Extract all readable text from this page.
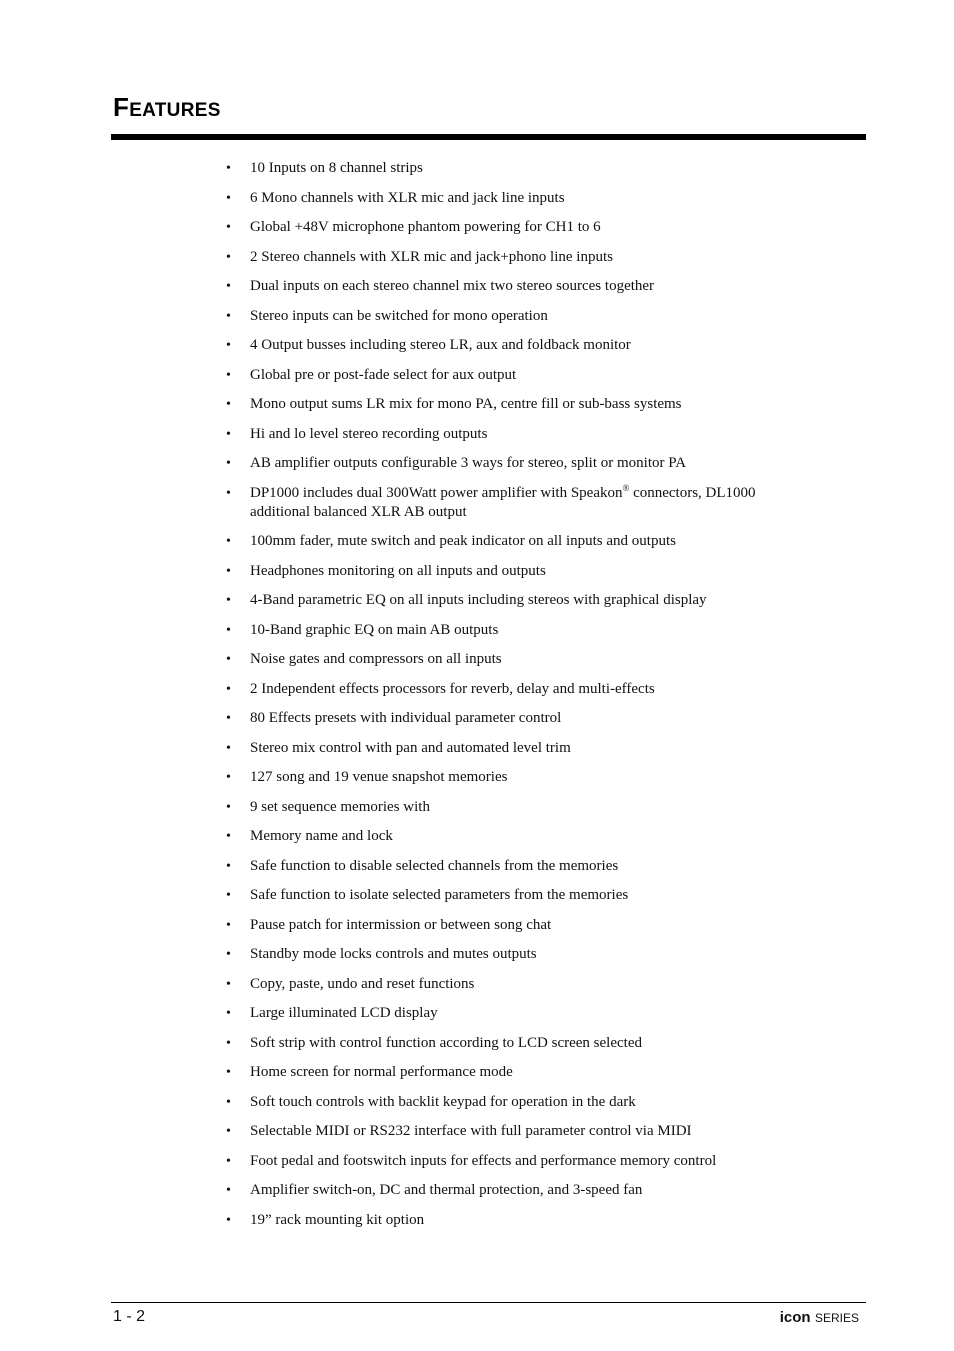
FEATURES
• 10 Inputs on 8 channel strips
• 6 Mono channels with XLR mic and jack line inputs
• Global +48V microphone phantom powering for CH1 to 6
• 2 Stereo channels with XLR mic and jack+phono line inputs
• Dual inputs on each stereo channel mix two stereo sources together
• Stereo inputs can be switched for mono operation
• 4 Output busses including stereo LR, aux and foldback monitor
• Global pre or post-fade select for aux output
• Mono output sums LR mix for mono PA, centre fill or sub-bass systems
• Hi and lo level stereo recording outputs
• AB amplifier outputs configurable 3 ways for stereo, split or monitor PA
• DP1000 includes dual 300Watt power amplifier with Speakon® connectors, DL1000 additional balanced XLR AB output
• 100mm fader, mute switch and peak indicator on all inputs and outputs
• Headphones monitoring on all inputs and outputs
• 4-Band parametric EQ on all inputs including stereos with graphical display
• 10-Band graphic EQ on main AB outputs
• Noise gates and compressors on all inputs
• 2 Independent effects processors for reverb, delay and multi-effects
• 80 Effects presets with individual parameter control
• Stereo mix control with pan and automated level trim
• 127 song and 19 venue snapshot memories
• 9 set sequence memories with
• Memory name and lock
• Safe function to disable selected channels from the memories
• Safe function to isolate selected parameters from the memories
• Pause patch for intermission or between song chat
• Standby mode locks controls and mutes outputs
• Copy, paste, undo and reset functions
• Large illuminated LCD display
• Soft strip with control function according to LCD screen selected
• Home screen for normal performance mode
• Soft touch controls with backlit keypad for operation in the dark
• Selectable MIDI or RS232 interface with full parameter control via MIDI
• Foot pedal and footswitch inputs for effects and performance memory control
• Amplifier switch-on, DC and thermal protection, and 3-speed fan
• 19” rack mounting kit option
1 - 2	icon SERIES
